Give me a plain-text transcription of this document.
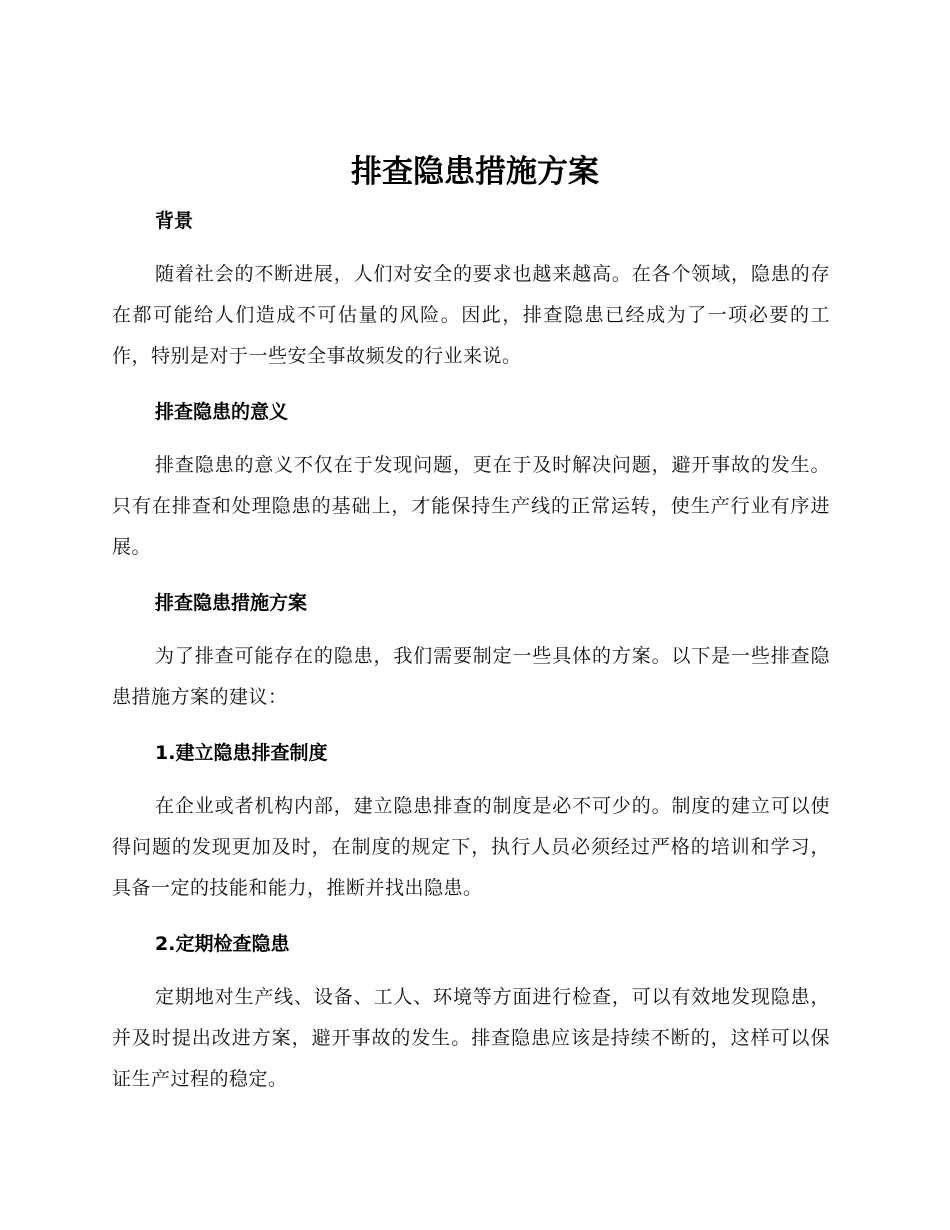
排查隐患措施方案
背景

随着社会的不断进展，人们对安全的要求也越来越高。在各个领域，隐患的存在都可能给人们造成不可估量的风险。因此，排查隐患已经成为了一项必要的工作，特别是对于一些安全事故频发的行业来说。

排查隐患的意义

排查隐患的意义不仅在于发现问题，更在于及时解决问题，避开事故的发生。只有在排查和处理隐患的基础上，才能保持生产线的正常运转，使生产行业有序进展。

排查隐患措施方案

为了排查可能存在的隐患，我们需要制定一些具体的方案。以下是一些排查隐患措施方案的建议：

1.建立隐患排查制度

在企业或者机构内部，建立隐患排查的制度是必不可少的。制度的建立可以使得问题的发现更加及时，在制度的规定下，执行人员必须经过严格的培训和学习，具备一定的技能和能力，推断并找出隐患。

2.定期检查隐患

定期地对生产线、设备、工人、环境等方面进行检查，可以有效地发现隐患，并及时提出改进方案，避开事故的发生。排查隐患应该是持续不断的，这样可以保证生产过程的稳定。
